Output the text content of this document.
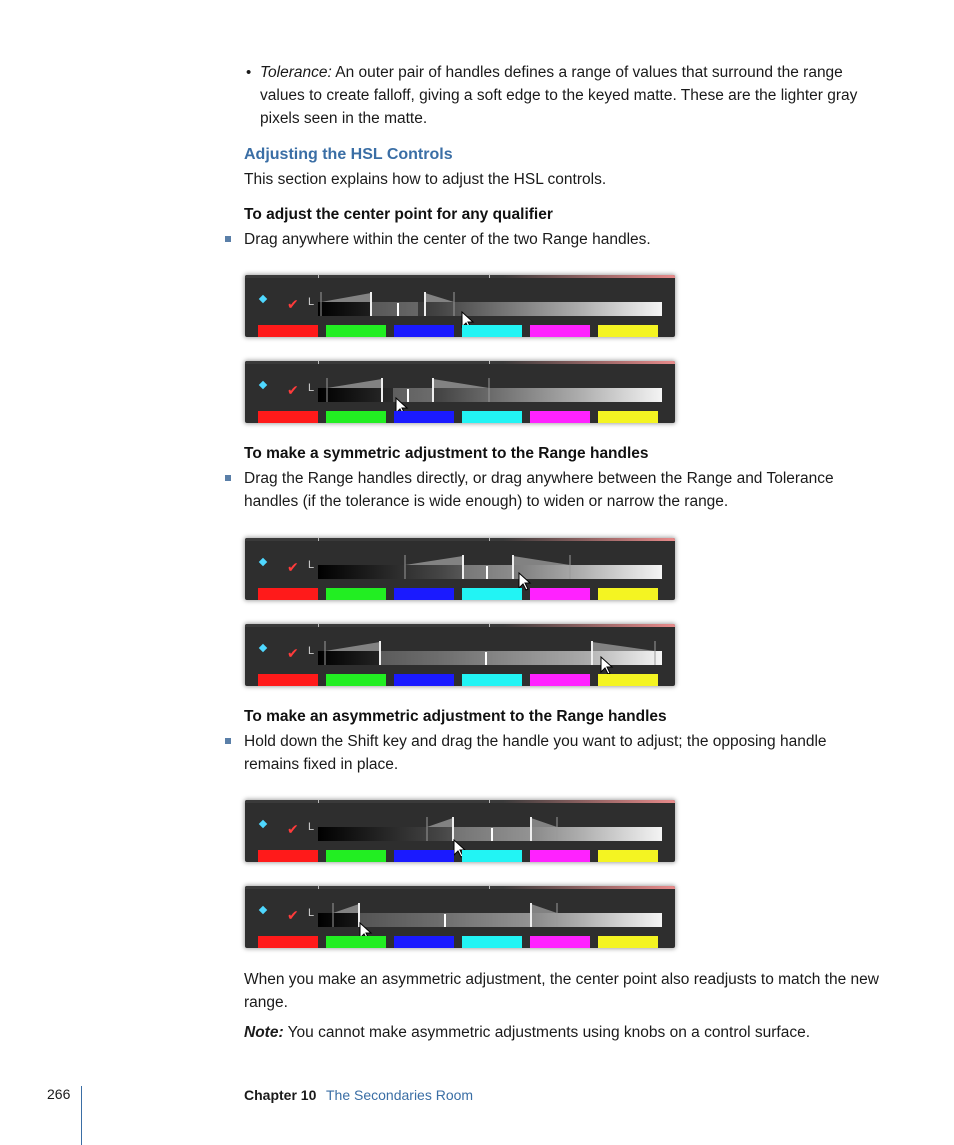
• Tolerance: An outer pair of handles defines a range of values that surround the range values to create falloff, giving a soft edge to the keyed matte. These are the lighter gray pixels seen in the matte.
Adjusting the HSL Controls
This section explains how to adjust the HSL controls.
To adjust the center point for any qualifier
Drag anywhere within the center of the two Range handles.
✔ L
✔ L
To make a symmetric adjustment to the Range handles
Drag the Range handles directly, or drag anywhere between the Range and Tolerance handles (if the tolerance is wide enough) to widen or narrow the range.
✔ L
✔ L
To make an asymmetric adjustment to the Range handles
Hold down the Shift key and drag the handle you want to adjust; the opposing handle remains fixed in place.
✔ L
✔ L
When you make an asymmetric adjustment, the center point also readjusts to match the new range.
Note: You cannot make asymmetric adjustments using knobs on a control surface.
266	Chapter 10 The Secondaries Room
